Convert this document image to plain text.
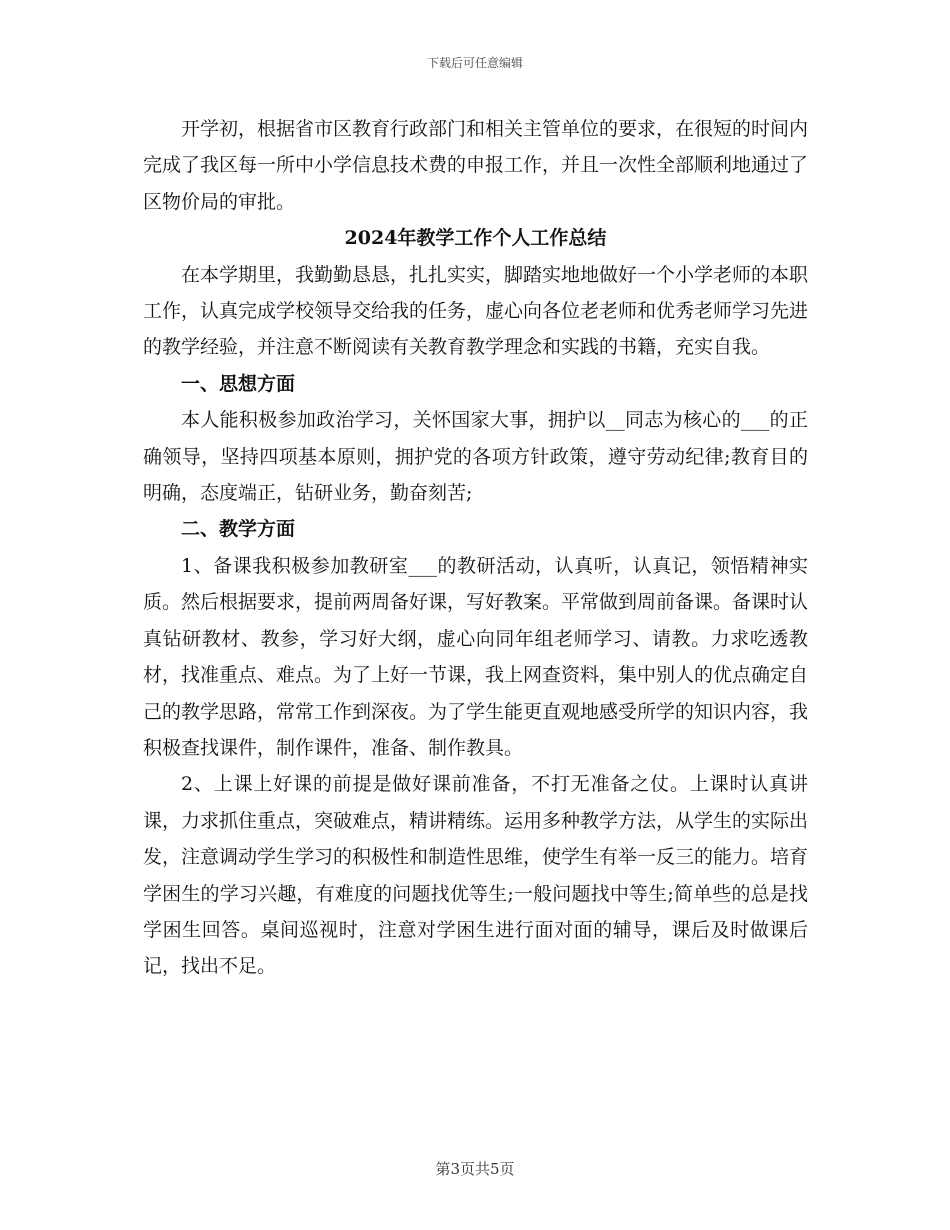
下载后可任意编辑

开学初，根据省市区教育行政部门和相关主管单位的要求，在很短的时间内完成了我区每一所中小学信息技术费的申报工作，并且一次性全部顺利地通过了区物价局的审批。

2024年教学工作个人工作总结

在本学期里，我勤勤恳恳，扎扎实实，脚踏实地地做好一个小学老师的本职工作，认真完成学校领导交给我的任务，虚心向各位老老师和优秀老师学习先进的教学经验，并注意不断阅读有关教育教学理念和实践的书籍，充实自我。

一、思想方面

本人能积极参加政治学习，关怀国家大事，拥护以__同志为核心的___的正确领导，坚持四项基本原则，拥护党的各项方针政策，遵守劳动纪律;教育目的明确，态度端正，钻研业务，勤奋刻苦;

二、教学方面

1、备课我积极参加教研室___的教研活动，认真听，认真记，领悟精神实质。然后根据要求，提前两周备好课，写好教案。平常做到周前备课。备课时认真钻研教材、教参，学习好大纲，虚心向同年组老师学习、请教。力求吃透教材，找准重点、难点。为了上好一节课，我上网查资料，集中别人的优点确定自己的教学思路，常常工作到深夜。为了学生能更直观地感受所学的知识内容，我积极查找课件，制作课件，准备、制作教具。

2、上课上好课的前提是做好课前准备，不打无准备之仗。上课时认真讲课，力求抓住重点，突破难点，精讲精练。运用多种教学方法，从学生的实际出发，注意调动学生学习的积极性和制造性思维，使学生有举一反三的能力。培育学困生的学习兴趣，有难度的问题找优等生;一般问题找中等生;简单些的总是找学困生回答。桌间巡视时，注意对学困生进行面对面的辅导，课后及时做课后记，找出不足。

第3页共5页
